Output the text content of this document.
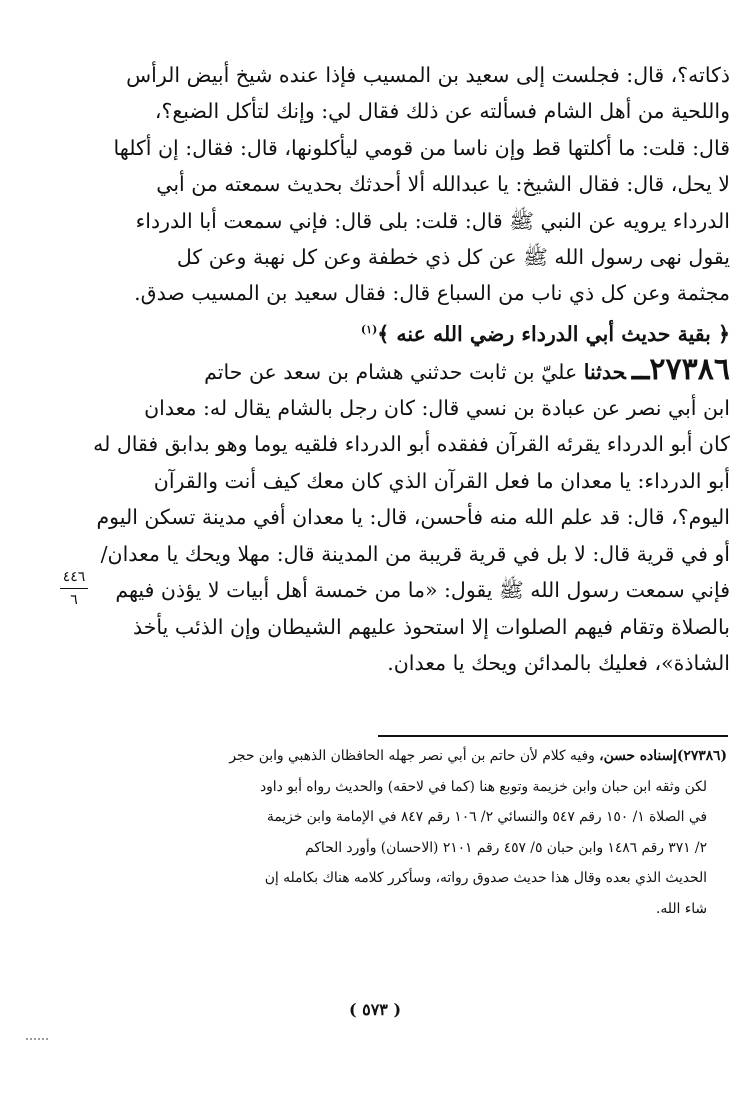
ذكاته؟، قال: فجلست إلى سعيد بن المسيب فإذا عنده شيخ أبيض الرأس

واللحية من أهل الشام فسألته عن ذلك فقال لي: وإنك لتأكل الضبع؟،

قال: قلت: ما أكلتها قط وإن ناسا من قومي ليأكلونها، قال: فقال: إن أكلها

لا يحل، قال: فقال الشيخ: يا عبدالله ألا أحدثك بحديث سمعته من أبي

الدرداء يرويه عن النبي ﷺ قال: قلت: بلى قال: فإني سمعت أبا الدرداء

يقول نهى رسول الله ﷺ عن كل ذي خطفة وعن كل نهبة وعن كل

مجثمة وعن كل ذي ناب من السباع قال: فقال سعيد بن المسيب صدق.

﴿ بقية حديث أبي الدرداء رضي الله عنه ﴾$^{(١)}$

٢٧٣٨٦ــحدثنا عليّ بن ثابت حدثني هشام بن سعد عن حاتم

ابن أبي نصر عن عبادة بن نسي قال: كان رجل بالشام يقال له: معدان

كان أبو الدرداء يقرئه القرآن ففقده أبو الدرداء فلقيه يوما وهو بدابق فقال له

أبو الدرداء: يا معدان ما فعل القرآن الذي كان معك كيف أنت والقرآن

اليوم؟، قال: قد علم الله منه فأحسن، قال: يا معدان أفي مدينة تسكن اليوم

أو في قرية قال: لا بل في قرية قريبة من المدينة قال: مهلا ويحك يا معدان/

فإني سمعت رسول الله ﷺ يقول: «ما من خمسة أهل أبيات لا يؤذن فيهم

بالصلاة وتقام فيهم الصلوات إلا استحوذ عليهم الشيطان وإن الذئب يأخذ

الشاذة»، فعليك بالمدائن ويحك يا معدان.

٤٤٦
٦

(٢٧٣٨٦)إسناده حسن، وفيه كلام لأن حاتم بن أبي نصر جهله الحافظان الذهبي وابن حجر

لكن وثقه ابن حبان وابن خزيمة وتوبع هنا (كما في لاحقه) والحديث رواه أبو داود

في الصلاة ١/ ١٥٠ رقم ٥٤٧ والنسائي ٢/ ١٠٦ رقم ٨٤٧ في الإمامة وابن خزيمة

٢/ ٣٧١ رقم ١٤٨٦ وابن حبان ٥/ ٤٥٧ رقم ٢١٠١ (الاحسان) وأورد الحاكم

الحديث الذي بعده وقال هذا حديث صدوق رواته، وسأكرر كلامه هناك بكامله إن

شاء الله.

( ٥٧٣ )
